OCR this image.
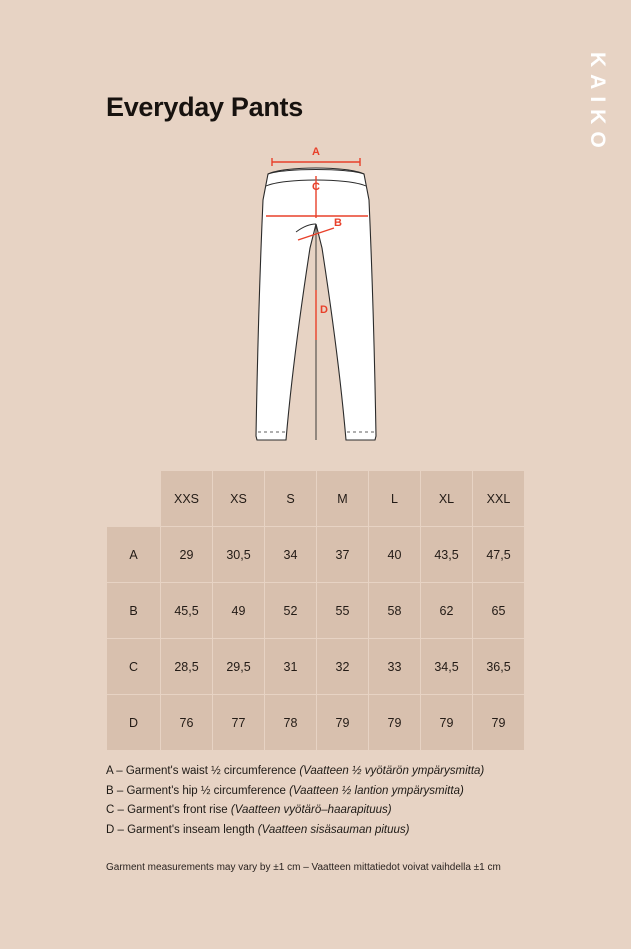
KAIKO
Everyday Pants
A
C
B
D
	XXS	XS	S	M	L	XL	XXL
A	29	30,5	34	37	40	43,5	47,5
B	45,5	49	52	55	58	62	65
C	28,5	29,5	31	32	33	34,5	36,5
D	76	77	78	79	79	79	79
A – Garment's waist ½ circumference (Vaatteen ½ vyötärön ympärysmitta)
B – Garment's hip ½ circumference (Vaatteen ½ lantion ympärysmitta)
C – Garment's front rise (Vaatteen vyötärö–haarapituus)
D – Garment's inseam length (Vaatteen sisäsauman pituus)
Garment measurements may vary by ±1 cm – Vaatteen mittatiedot voivat vaihdella ±1 cm
